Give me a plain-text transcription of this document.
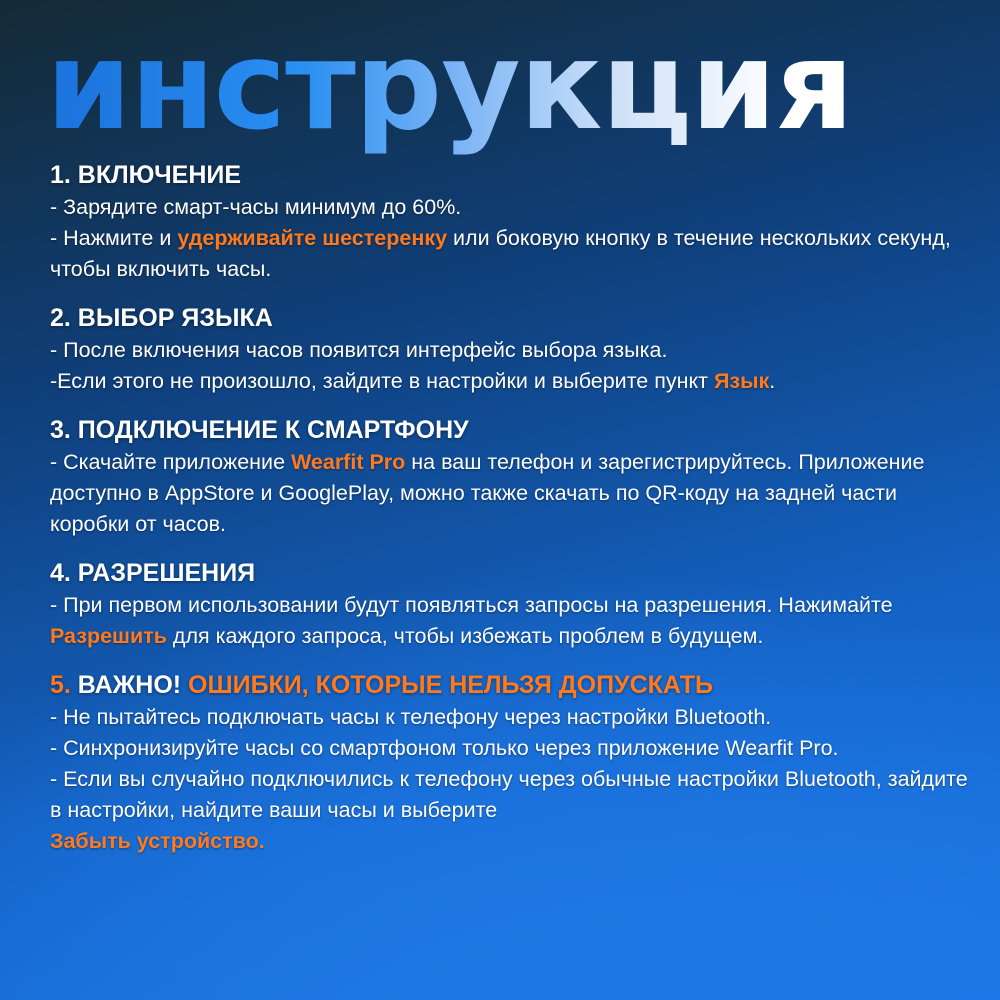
инструкция
1. ВКЛЮЧЕНИЕ
- Зарядите смарт-часы минимум до 60%.
- Нажмите и удерживайте шестеренку или боковую кнопку в течение нескольких секунд, чтобы включить часы.
2. ВЫБОР ЯЗЫКА
- После включения часов появится интерфейс выбора языка.
-Если этого не произошло, зайдите в настройки и выберите пункт Язык.
3. ПОДКЛЮЧЕНИЕ К СМАРТФОНУ
- Скачайте приложение Wearfit Pro на ваш телефон и зарегистрируйтесь. Приложение доступно в AppStore и GooglePlay, можно также скачать по QR-коду на задней части коробки от часов.
4. РАЗРЕШЕНИЯ
- При первом использовании будут появляться запросы на разрешения. Нажимайте Разрешить для каждого запроса, чтобы избежать проблем в будущем.
5. ВАЖНО! ОШИБКИ, КОТОРЫЕ НЕЛЬЗЯ ДОПУСКАТЬ
- Не пытайтесь подключать часы к телефону через настройки Bluetooth.
- Синхронизируйте часы со смартфоном только через приложение Wearfit Pro.
- Если вы случайно подключились к телефону через обычные настройки Bluetooth, зайдите в настройки, найдите ваши часы и выберите
Забыть устройство.
